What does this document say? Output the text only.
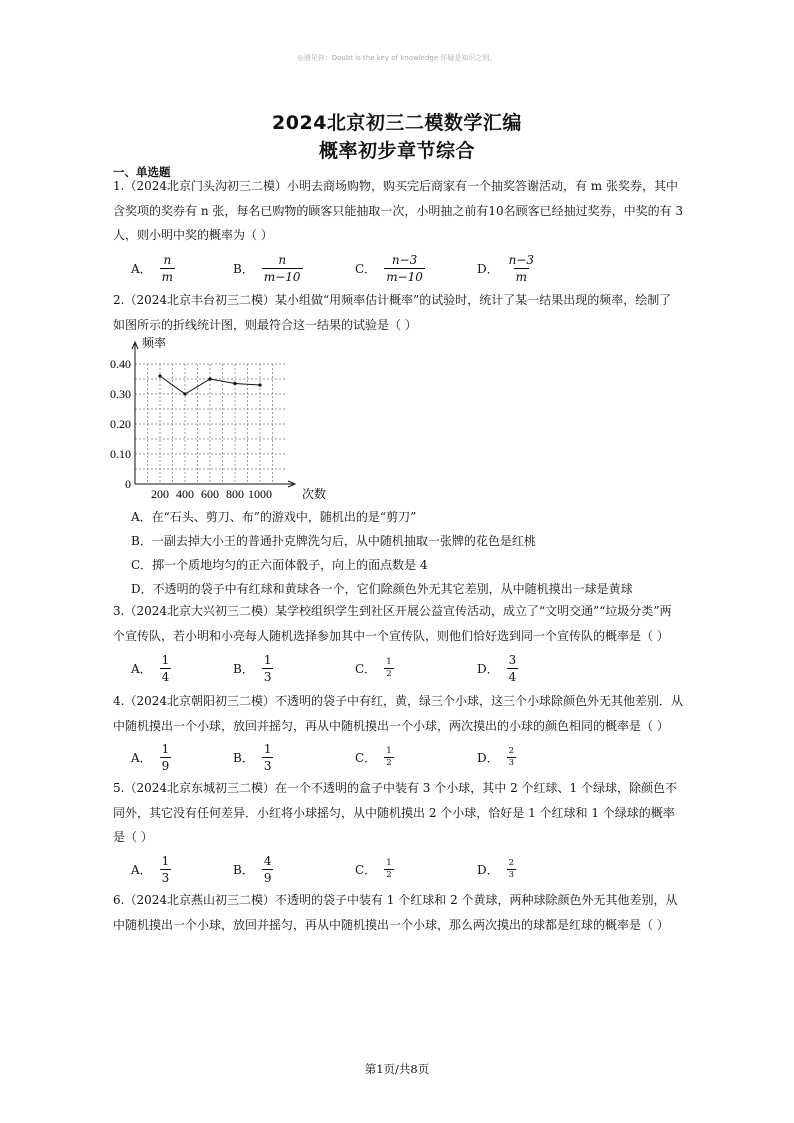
◎遇见你：Doubt is the key of knowledge 怀疑是知识之钥。
2024北京初三二模数学汇编
概率初步章节综合
一、单选题
1.（2024北京门头沟初三二模）小明去商场购物，购买完后商家有一个抽奖答谢活动，有 m 张奖券，其中
含奖项的奖券有 n 张，每名已购物的顾客只能抽取一次，小明抽之前有10名顾客已经抽过奖券，中奖的有 3
人，则小明中奖的概率为（ ）
A． $\frac{n}{m}$	B． $\frac{n}{m-10}$	C． $\frac{n-3}{m-10}$	D． $\frac{n-3}{m}$
2.（2024北京丰台初三二模）某小组做“用频率估计概率”的试验时，统计了某一结果出现的频率，绘制了
如图所示的折线统计图，则最符合这一结果的试验是（ ）
0
0.10
0.20
0.30
0.40
200 400 600 800 1000
频率
次数
A．在“石头、剪刀、布”的游戏中，随机出的是“剪刀”
B．一副去掉大小王的普通扑克牌洗匀后，从中随机抽取一张牌的花色是红桃
C．掷一个质地均匀的正六面体骰子，向上的面点数是 4
D．不透明的袋子中有红球和黄球各一个，它们除颜色外无其它差别，从中随机摸出一球是黄球
3.（2024北京大兴初三二模）某学校组织学生到社区开展公益宣传活动，成立了“文明交通”“垃圾分类”两
个宣传队，若小明和小亮每人随机选择参加其中一个宣传队，则他们恰好选到同一个宣传队的概率是（ ）
A． $\frac{1}{4}$	B． $\frac{1}{3}$	C． $\frac{1}{2}$	D． $\frac{3}{4}$
4.（2024北京朝阳初三二模）不透明的袋子中有红，黄，绿三个小球，这三个小球除颜色外无其他差别．从
中随机摸出一个小球，放回并摇匀，再从中随机摸出一个小球，两次摸出的小球的颜色相同的概率是（ ）
A． $\frac{1}{9}$	B． $\frac{1}{3}$	C． $\frac{1}{2}$	D． $\frac{2}{3}$
5.（2024北京东城初三二模）在一个不透明的盒子中装有 3 个小球，其中 2 个红球、1 个绿球，除颜色不
同外，其它没有任何差异．小红将小球摇匀，从中随机摸出 2 个小球，恰好是 1 个红球和 1 个绿球的概率
是（ ）
A． $\frac{1}{3}$	B． $\frac{4}{9}$	C． $\frac{1}{2}$	D． $\frac{2}{3}$
6.（2024北京燕山初三二模）不透明的袋子中装有 1 个红球和 2 个黄球，两种球除颜色外无其他差别，从
中随机摸出一个小球，放回并摇匀，再从中随机摸出一个小球，那么两次摸出的球都是红球的概率是（ ）
第1页/共8页
